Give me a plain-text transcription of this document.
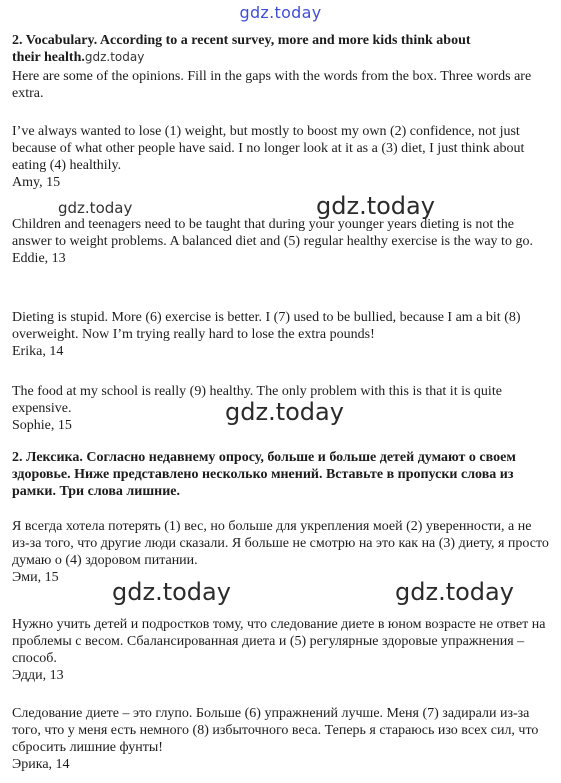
gdz.today

2. Vocabulary. According to a recent survey, more and more kids think about

their health.gdz.today

Here are some of the opinions. Fill in the gaps with the words from the box. Three words are extra.

I’ve always wanted to lose (1) weight, but mostly to boost my own (2) confidence, not just because of what other people have said. I no longer look at it as a (3) diet, I just think about eating (4) healthily.

Amy, 15

Children and teenagers need to be taught that during your younger years dieting is not the answer to weight problems. A balanced diet and (5) regular healthy exercise is the way to go.

Eddie, 13

Dieting is stupid. More (6) exercise is better. I (7) used to be bullied, because I am a bit (8) overweight. Now I’m trying really hard to lose the extra pounds!

Erika, 14

The food at my school is really (9) healthy. The only problem with this is that it is quite expensive.

Sophie, 15

2. Лексика. Согласно недавнему опросу, больше и больше детей думают о своем здоровье. Ниже представлено несколько мнений. Вставьте в пропуски слова из рамки. Три слова лишние.

Я всегда хотела потерять (1) вес, но больше для укрепления моей (2) уверенности, а не из-за того, что другие люди сказали. Я больше не смотрю на это как на (3) диету, я просто думаю о (4) здоровом питании.

Эми, 15

Нужно учить детей и подростков тому, что следование диете в юном возрасте не ответ на проблемы с весом. Сбалансированная диета и (5) регулярные здоровые упражнения – способ.

Эдди, 13

Следование диете – это глупо. Больше (6) упражнений лучше. Меня (7) задирали из-за того, что у меня есть немного (8) избыточного веса. Теперь я стараюсь изо всех сил, что сбросить лишние фунты!

Эрика, 14

gdz.today	gdz.today
gdz.today
gdz.today	gdz.today
